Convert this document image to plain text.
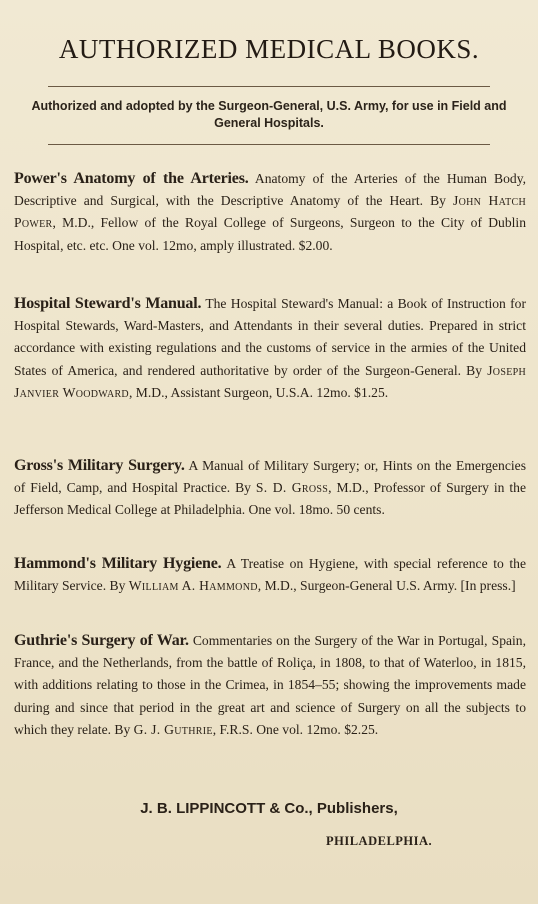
AUTHORIZED MEDICAL BOOKS.
Authorized and adopted by the Surgeon-General, U.S. Army, for use in Field and General Hospitals.
Power's Anatomy of the Arteries. Anatomy of the Arteries of the Human Body, Descriptive and Surgical, with the Descriptive Anatomy of the Heart. By John Hatch Power, M.D., Fellow of the Royal College of Surgeons, Surgeon to the City of Dublin Hospital, etc. etc. One vol. 12mo, amply illustrated. $2.00.
Hospital Steward's Manual. The Hospital Steward's Manual: a Book of Instruction for Hospital Stewards, Ward-Masters, and Attendants in their several duties. Prepared in strict accordance with existing regulations and the customs of service in the armies of the United States of America, and rendered authoritative by order of the Surgeon-General. By Joseph Janvier Woodward, M.D., Assistant Surgeon, U.S.A. 12mo. $1.25.
Gross's Military Surgery. A Manual of Military Surgery; or, Hints on the Emergencies of Field, Camp, and Hospital Practice. By S. D. Gross, M.D., Professor of Surgery in the Jefferson Medical College at Philadelphia. One vol. 18mo. 50 cents.
Hammond's Military Hygiene. A Treatise on Hygiene, with special reference to the Military Service. By William A. Hammond, M.D., Surgeon-General U.S. Army. [In press.]
Guthrie's Surgery of War. Commentaries on the Surgery of the War in Portugal, Spain, France, and the Netherlands, from the battle of Roliça, in 1808, to that of Waterloo, in 1815, with additions relating to those in the Crimea, in 1854–55; showing the improvements made during and since that period in the great art and science of Surgery on all the subjects to which they relate. By G. J. Guthrie, F.R.S. One vol. 12mo. $2.25.
J. B. LIPPINCOTT & Co., Publishers,
PHILADELPHIA.
